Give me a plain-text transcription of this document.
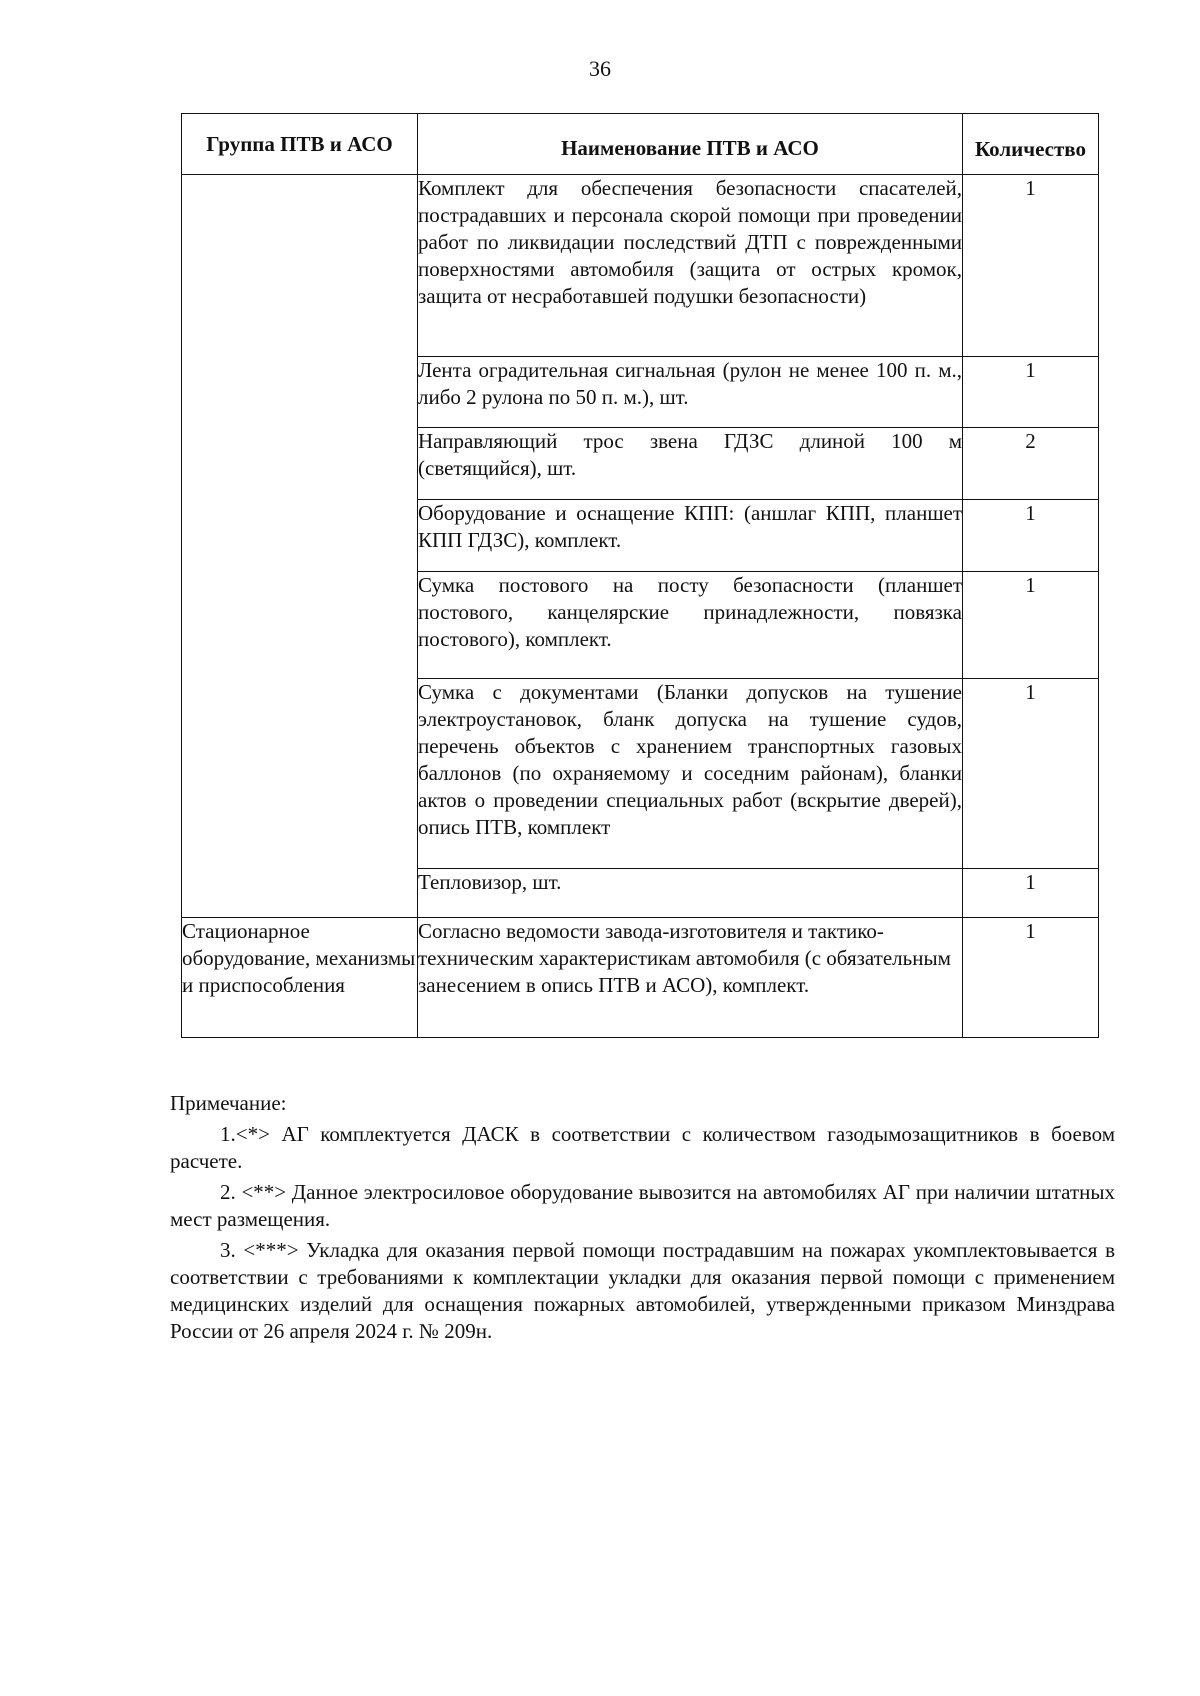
36
Группа ПТВ и АСО	Наименование ПТВ и АСО	Количество
	Комплект для обеспечения безопасности спасателей, пострадавших и персонала скорой помощи при проведении работ по ликвидации последствий ДТП с поврежденными поверхностями автомобиля (защита от острых кромок, защита от несработавшей подушки безопасности)	1
	Лента оградительная сигнальная (рулон не менее 100 п. м., либо 2 рулона по 50 п. м.), шт.	1
	Направляющий трос звена ГДЗС длиной 100 м (светящийся), шт.	2
	Оборудование и оснащение КПП: (аншлаг КПП, планшет КПП ГДЗС), комплект.	1
	Сумка постового на посту безопасности (планшет постового, канцелярские принадлежности, повязка постового), комплект.	1
	Сумка с документами (Бланки допусков на тушение электроустановок, бланк допуска на тушение судов, перечень объектов с хранением транспортных газовых баллонов (по охраняемому и соседним районам), бланки актов о проведении специальных работ (вскрытие дверей), опись ПТВ, комплект	1
	Тепловизор, шт.	1
Стационарное оборудование, механизмы и приспособления	Согласно ведомости завода-изготовителя и тактико-техническим характеристикам автомобиля (с обязательным занесением в опись ПТВ и АСО), комплект.	1
Примечание:

1.<*> АГ комплектуется ДАСК в соответствии с количеством газодымозащитников в боевом расчете.

2. <**> Данное электросиловое оборудование вывозится на автомобилях АГ при наличии штатных мест размещения.

3. <***> Укладка для оказания первой помощи пострадавшим на пожарах укомплектовывается в соответствии с требованиями к комплектации укладки для оказания первой помощи с применением медицинских изделий для оснащения пожарных автомобилей, утвержденными приказом Минздрава России от 26 апреля 2024 г. № 209н.
